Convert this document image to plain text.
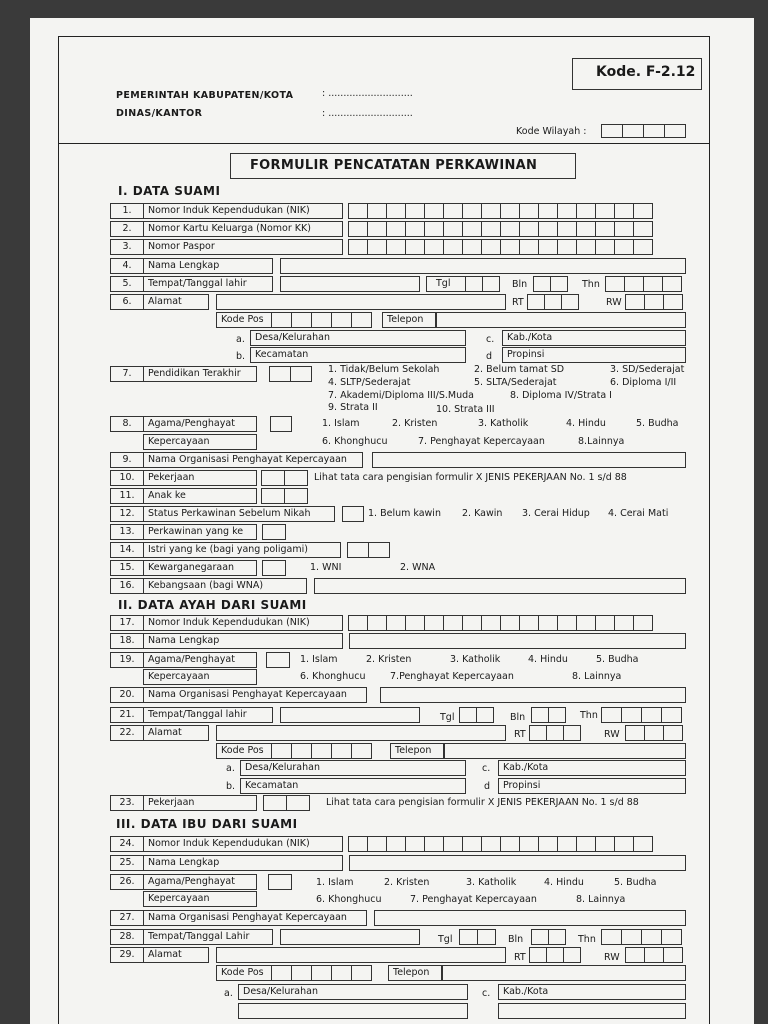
Kode. F-2.12
PEMERINTAH KABUPATEN/KOTA	: ............................
DINAS/KANTOR	: ............................
Kode Wilayah :
FORMULIR PENCATATAN PERKAWINAN
I. DATA SUAMI
1.	Nomor Induk Kependudukan (NIK)
2.	Nomor Kartu Keluarga (Nomor KK)
3.	Nomor Paspor
4.	Nama Lengkap
5.	Tempat/Tanggal lahir	Tgl	Bln	Thn
6.	Alamat	RT	RW
Kode Pos	Telepon
a.	Desa/Kelurahan	c.	Kab./Kota
b.	Kecamatan	d	Propinsi
7.	Pendidikan Terakhir	1. Tidak/Belum Sekolah	2. Belum tamat SD	3. SD/Sederajat
4. SLTP/Sederajat	5. SLTA/Sederajat	6. Diploma I/II
7. Akademi/Diploma III/S.Muda	8. Diploma IV/Strata I
9. Strata II	10. Strata III
8.	Agama/Penghayat	1. Islam	2. Kristen	3. Katholik	4. Hindu	5. Budha
Kepercayaan	6. Khonghucu	7. Penghayat Kepercayaan	8.Lainnya
9.	Nama Organisasi Penghayat Kepercayaan
10.	Pekerjaan	Lihat tata cara pengisian formulir X JENIS PEKERJAAN No. 1 s/d 88
11.	Anak ke
12.	Status Perkawinan Sebelum Nikah	1. Belum kawin 2. Kawin 3. Cerai Hidup 4. Cerai Mati
13.	Perkawinan yang ke
14.	Istri yang ke (bagi yang poligami)
15.	Kewarganegaraan	1. WNI	2. WNA
16.	Kebangsaan (bagi WNA)
II. DATA AYAH DARI SUAMI
17.	Nomor Induk Kependudukan (NIK)
18.	Nama Lengkap
19.	Agama/Penghayat	1. Islam	2. Kristen	3. Katholik	4. Hindu	5. Budha
Kepercayaan	6. Khonghucu	7.Penghayat Kepercayaan	8. Lainnya
20.	Nama Organisasi Penghayat Kepercayaan
21.	Tempat/Tanggal lahir	Tgl	Bln	Thn
22.	Alamat	RT	RW
Kode Pos	Telepon
a.	Desa/Kelurahan	c.	Kab./Kota
b.	Kecamatan	d	Propinsi
23.	Pekerjaan	Lihat tata cara pengisian formulir X JENIS PEKERJAAN No. 1 s/d 88
III. DATA IBU DARI SUAMI
24.	Nomor Induk Kependudukan (NIK)
25.	Nama Lengkap
26.	Agama/Penghayat	1. Islam	2. Kristen	3. Katholik	4. Hindu	5. Budha
Kepercayaan	6. Khonghucu	7. Penghayat Kepercayaan	8. Lainnya
27.	Nama Organisasi Penghayat Kepercayaan
28.	Tempat/Tanggal Lahir	Tgl	Bln	Thn
29.	Alamat	RT	RW
Kode Pos	Telepon
a.	Desa/Kelurahan	c.	Kab./Kota
